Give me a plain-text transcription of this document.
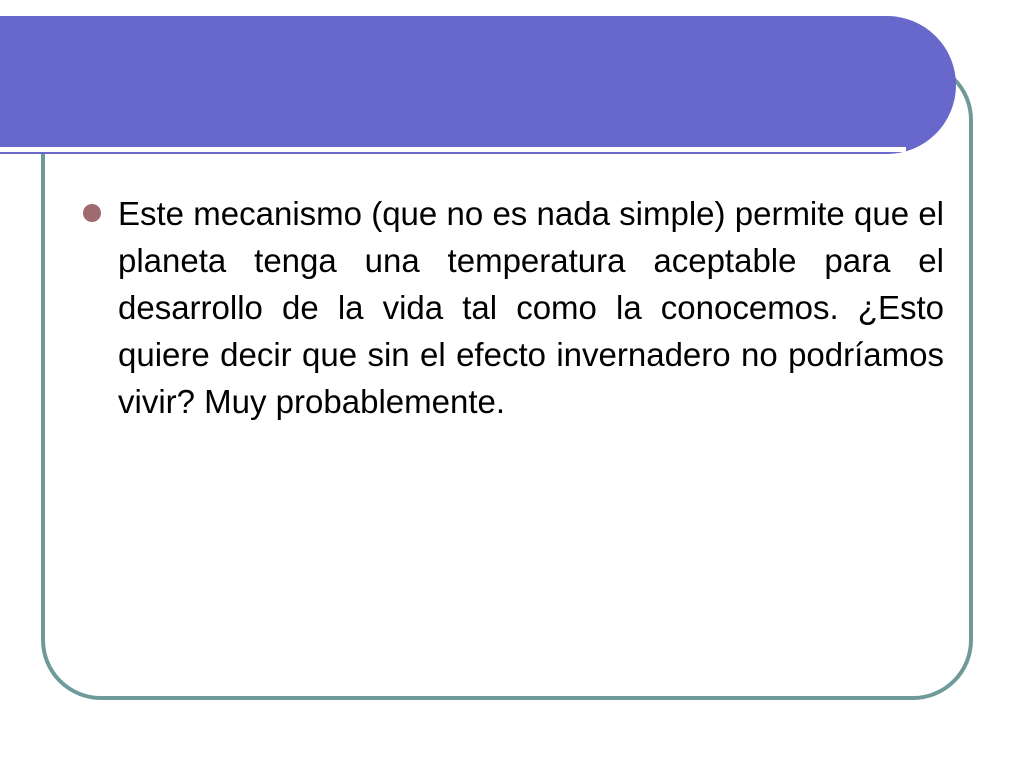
Este mecanismo (que no es nada simple) permite que el planeta tenga una temperatura aceptable para el desarrollo de la vida tal como la conocemos. ¿Esto quiere decir que sin el efecto invernadero no podríamos vivir? Muy probablemente.
